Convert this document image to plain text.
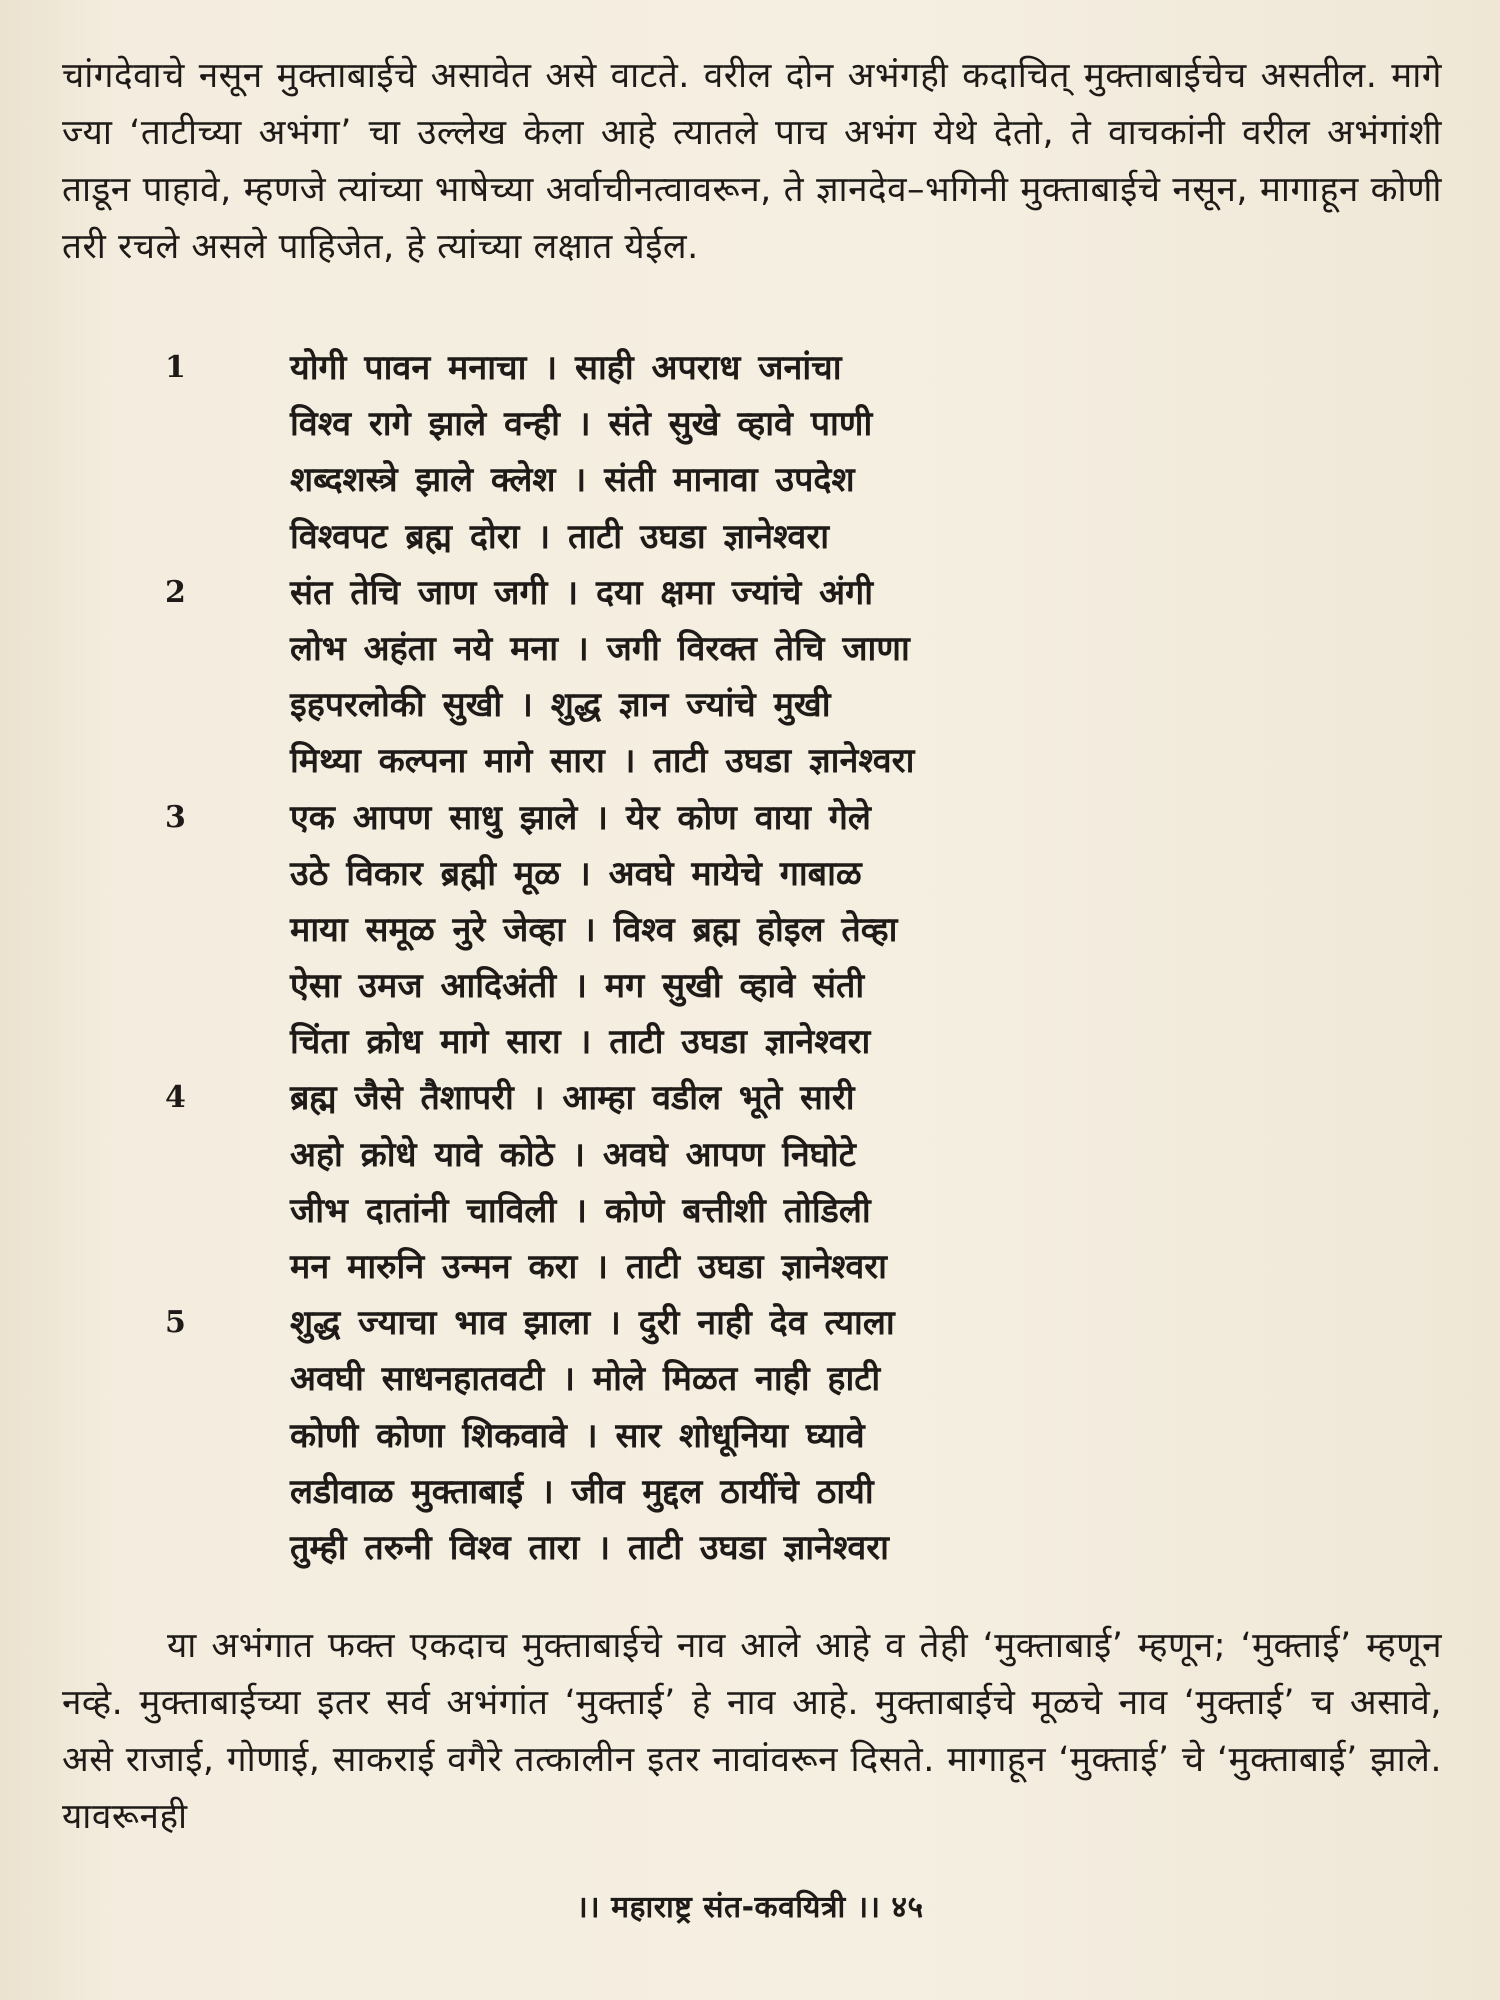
चांगदेवाचे नसून मुक्ताबाईचे असावेत असे वाटते. वरील दोन अभंगही कदाचित् मुक्ताबाईचेच असतील. मागे ज्या ‘ताटीच्या अभंगा’ चा उल्लेख केला आहे त्यातले पाच अभंग येथे देतो, ते वाचकांनी वरील अभंगांशी ताडून पाहावे, म्हणजे त्यांच्या भाषेच्या अर्वाचीनत्वावरून, ते ज्ञानदेव–भगिनी मुक्ताबाईचे नसून, मागाहून कोणी तरी रचले असले पाहिजेत, हे त्यांच्या लक्षात येईल.

1	योगी पावन मनाचा । साही अपराध जनांचा
विश्व रागे झाले वन्ही । संते सुखे व्हावे पाणी
शब्दशस्त्रे झाले क्लेश । संती मानावा उपदेश
विश्वपट ब्रह्म दोरा । ताटी उघडा ज्ञानेश्वरा
2	संत तेचि जाण जगी । दया क्षमा ज्यांचे अंगी
लोभ अहंता नये मना । जगी विरक्त तेचि जाणा
इहपरलोकी सुखी । शुद्ध ज्ञान ज्यांचे मुखी
मिथ्या कल्पना मागे सारा । ताटी उघडा ज्ञानेश्वरा
3	एक आपण साधु झाले । येर कोण वाया गेले
उठे विकार ब्रह्मी मूळ । अवघे मायेचे गाबाळ
माया समूळ नुरे जेव्हा । विश्व ब्रह्म होइल तेव्हा
ऐसा उमज आदिअंती । मग सुखी व्हावे संती
चिंता क्रोध मागे सारा । ताटी उघडा ज्ञानेश्वरा
4	ब्रह्म जैसे तैशापरी । आम्हा वडील भूते सारी
अहो क्रोधे यावे कोठे । अवघे आपण निघोटे
जीभ दातांनी चाविली । कोणे बत्तीशी तोडिली
मन मारुनि उन्मन करा । ताटी उघडा ज्ञानेश्वरा
5	शुद्ध ज्याचा भाव झाला । दुरी नाही देव त्याला
अवघी साधनहातवटी । मोले मिळत नाही हाटी
कोणी कोणा शिकवावे । सार शोधूनिया घ्यावे
लडीवाळ मुक्ताबाई । जीव मुद्दल ठायींचे ठायी
तुम्ही तरुनी विश्व तारा । ताटी उघडा ज्ञानेश्वरा

या अभंगात फक्त एकदाच मुक्ताबाईचे नाव आले आहे व तेही ‘मुक्ताबाई’ म्हणून; ‘मुक्ताई’ म्हणून नव्हे. मुक्ताबाईच्या इतर सर्व अभंगांत ‘मुक्ताई’ हे नाव आहे. मुक्ताबाईचे मूळचे नाव ‘मुक्ताई’ च असावे, असे राजाई, गोणाई, साकराई वगैरे तत्कालीन इतर नावांवरून दिसते. मागाहून ‘मुक्ताई’ चे ‘मुक्ताबाई’ झाले. यावरूनही

।। महाराष्ट्र संत-कवयित्री ।। ४५
